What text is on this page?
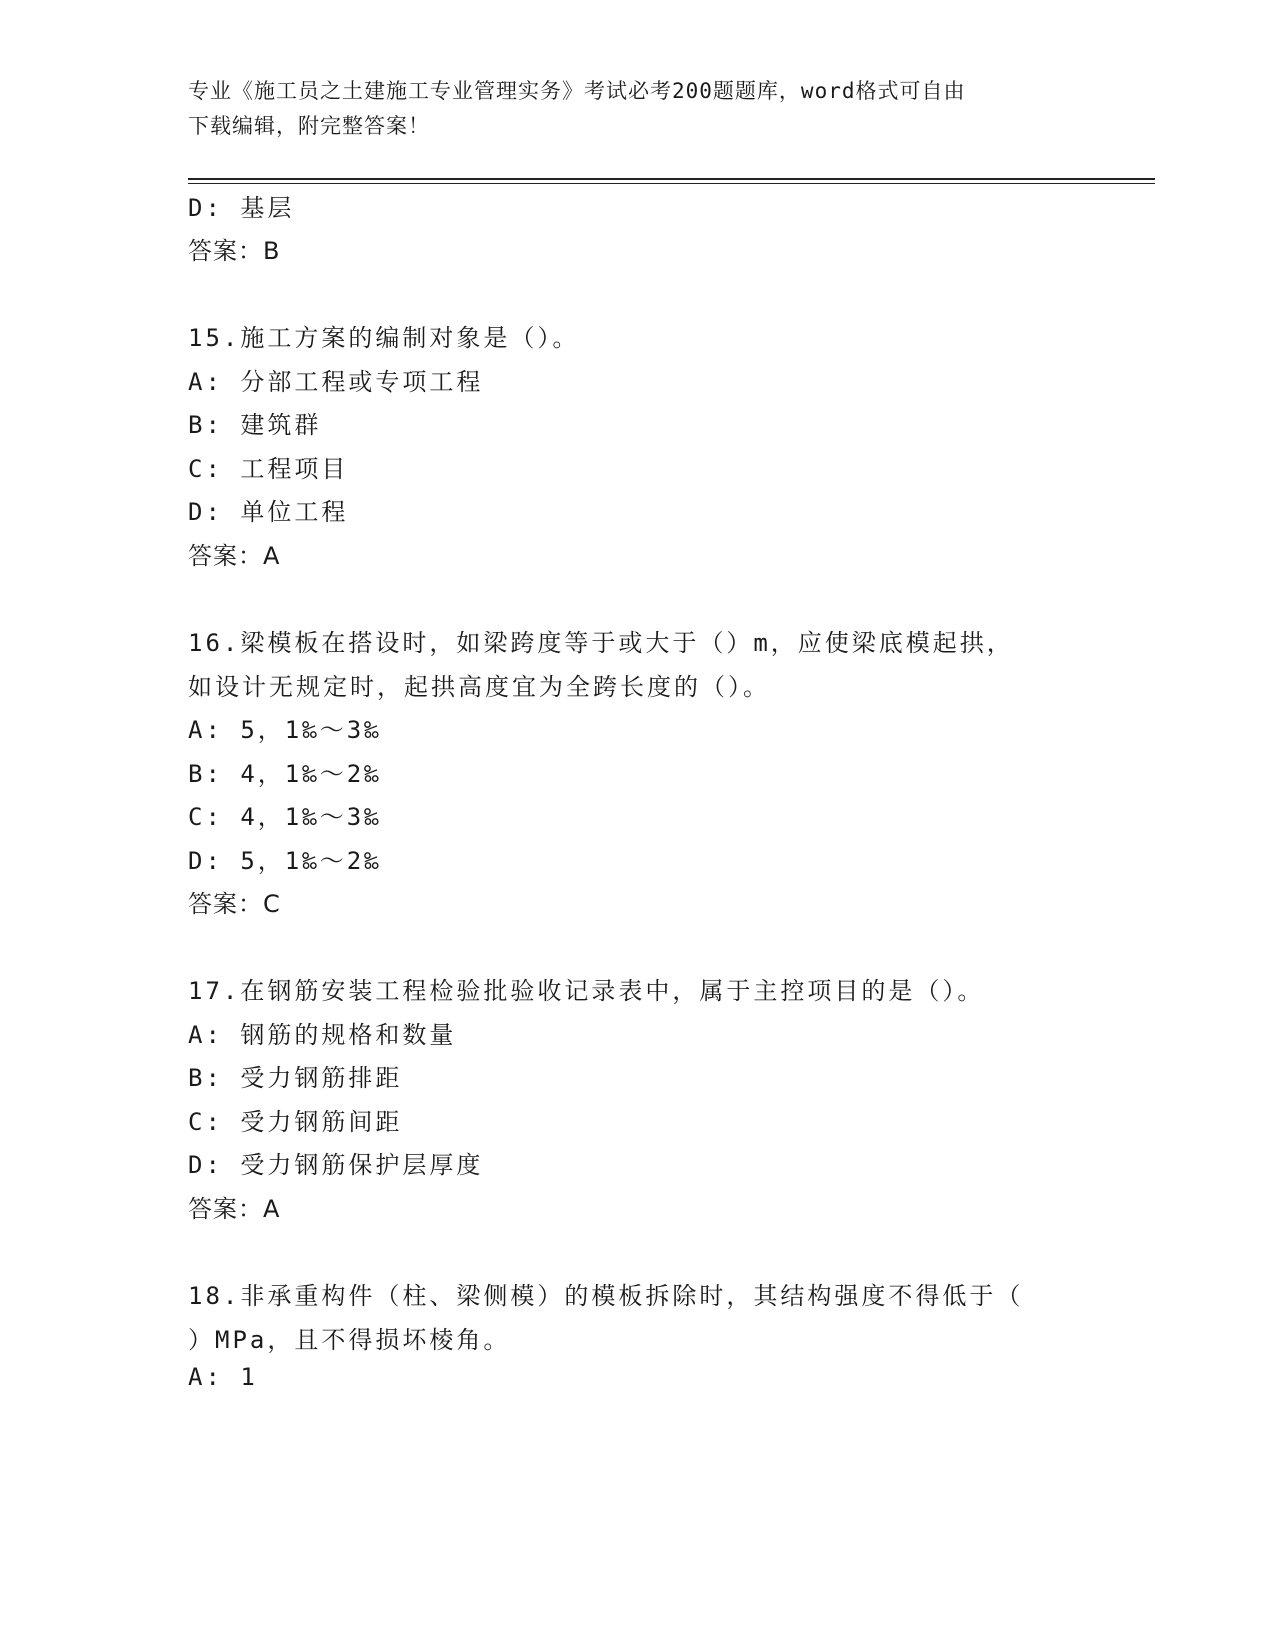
专业《施工员之土建施工专业管理实务》考试必考200题题库，word格式可自由
下载编辑，附完整答案！
D: 基层
答案：B
15.施工方案的编制对象是（）。
A: 分部工程或专项工程
B: 建筑群
C: 工程项目
D: 单位工程
答案：A
16.梁模板在搭设时，如梁跨度等于或大于（）m，应使梁底模起拱，
如设计无规定时，起拱高度宜为全跨长度的（）。
A: 5，1‰～3‰
B: 4，1‰～2‰
C: 4，1‰～3‰
D: 5，1‰～2‰
答案：C
17.在钢筋安装工程检验批验收记录表中，属于主控项目的是（）。
A: 钢筋的规格和数量
B: 受力钢筋排距
C: 受力钢筋间距
D: 受力钢筋保护层厚度
答案：A
18.非承重构件（柱、梁侧模）的模板拆除时，其结构强度不得低于（
）MPa，且不得损坏棱角。
A: 1
